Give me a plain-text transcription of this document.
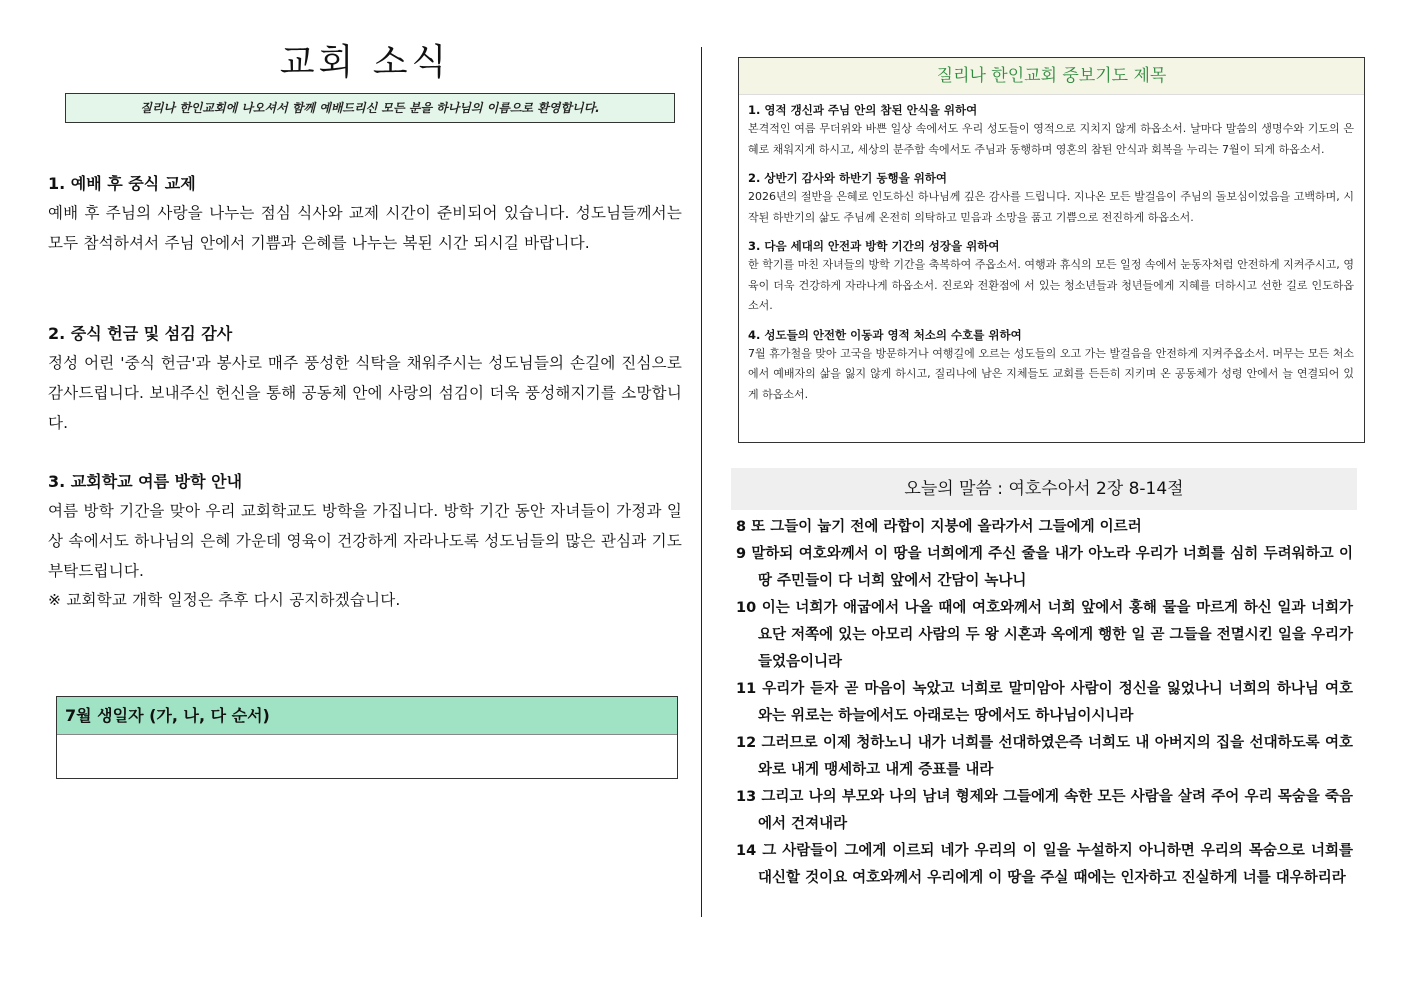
교회 소식
질리나 한인교회에 나오셔서 함께 예배드리신 모든 분을 하나님의 이름으로 환영합니다.
1. 예배 후 중식 교제

예배 후 주님의 사랑을 나누는 점심 식사와 교제 시간이 준비되어 있습니다. 성도님들께서는 모두 참석하셔서 주님 안에서 기쁨과 은혜를 나누는 복된 시간 되시길 바랍니다.

2. 중식 헌금 및 섬김 감사

정성 어린 '중식 헌금'과 봉사로 매주 풍성한 식탁을 채워주시는 성도님들의 손길에 진심으로 감사드립니다. 보내주신 헌신을 통해 공동체 안에 사랑의 섬김이 더욱 풍성해지기를 소망합니다.

3. 교회학교 여름 방학 안내

여름 방학 기간을 맞아 우리 교회학교도 방학을 가집니다. 방학 기간 동안 자녀들이 가정과 일상 속에서도 하나님의 은혜 가운데 영육이 건강하게 자라나도록 성도님들의 많은 관심과 기도 부탁드립니다.

※ 교회학교 개학 일정은 추후 다시 공지하겠습니다.

7월 생일자 (가, 나, 다 순서)
질리나 한인교회 중보기도 제목
1. 영적 갱신과 주님 안의 참된 안식을 위하여

본격적인 여름 무더위와 바쁜 일상 속에서도 우리 성도들이 영적으로 지치지 않게 하옵소서. 날마다 말씀의 생명수와 기도의 은혜로 채워지게 하시고, 세상의 분주함 속에서도 주님과 동행하며 영혼의 참된 안식과 회복을 누리는 7월이 되게 하옵소서.

2. 상반기 감사와 하반기 동행을 위하여

2026년의 절반을 은혜로 인도하신 하나님께 깊은 감사를 드립니다. 지나온 모든 발걸음이 주님의 돌보심이었음을 고백하며, 시작된 하반기의 삶도 주님께 온전히 의탁하고 믿음과 소망을 품고 기쁨으로 전진하게 하옵소서.

3. 다음 세대의 안전과 방학 기간의 성장을 위하여

한 학기를 마친 자녀들의 방학 기간을 축복하여 주옵소서. 여행과 휴식의 모든 일정 속에서 눈동자처럼 안전하게 지켜주시고, 영육이 더욱 건강하게 자라나게 하옵소서. 진로와 전환점에 서 있는 청소년들과 청년들에게 지혜를 더하시고 선한 길로 인도하옵소서.

4. 성도들의 안전한 이동과 영적 처소의 수호를 위하여

7월 휴가철을 맞아 고국을 방문하거나 여행길에 오르는 성도들의 오고 가는 발걸음을 안전하게 지켜주옵소서. 머무는 모든 처소에서 예배자의 삶을 잃지 않게 하시고, 질리나에 남은 지체들도 교회를 든든히 지키며 온 공동체가 성령 안에서 늘 연결되어 있게 하옵소서.

오늘의 말씀 : 여호수아서 2장 8-14절
8 또 그들이 눕기 전에 라합이 지붕에 올라가서 그들에게 이르러
9 말하되 여호와께서 이 땅을 너희에게 주신 줄을 내가 아노라 우리가 너희를 심히 두려워하고 이 땅 주민들이 다 너희 앞에서 간담이 녹나니
10 이는 너희가 애굽에서 나올 때에 여호와께서 너희 앞에서 홍해 물을 마르게 하신 일과 너희가 요단 저쪽에 있는 아모리 사람의 두 왕 시혼과 옥에게 행한 일 곧 그들을 전멸시킨 일을 우리가 들었음이니라
11 우리가 듣자 곧 마음이 녹았고 너희로 말미암아 사람이 정신을 잃었나니 너희의 하나님 여호와는 위로는 하늘에서도 아래로는 땅에서도 하나님이시니라
12 그러므로 이제 청하노니 내가 너희를 선대하였은즉 너희도 내 아버지의 집을 선대하도록 여호와로 내게 맹세하고 내게 증표를 내라
13 그리고 나의 부모와 나의 남녀 형제와 그들에게 속한 모든 사람을 살려 주어 우리 목숨을 죽음에서 건져내라
14 그 사람들이 그에게 이르되 네가 우리의 이 일을 누설하지 아니하면 우리의 목숨으로 너희를 대신할 것이요 여호와께서 우리에게 이 땅을 주실 때에는 인자하고 진실하게 너를 대우하리라
